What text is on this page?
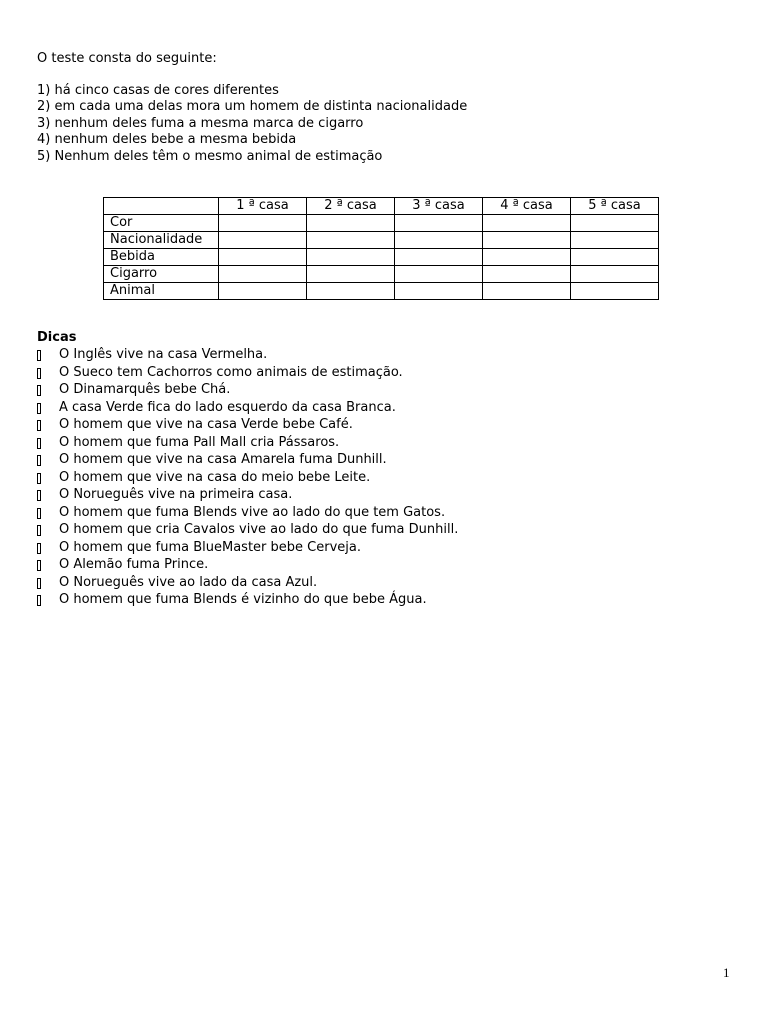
O teste consta do seguinte:

1) há cinco casas de cores diferentes
2) em cada uma delas mora um homem de distinta nacionalidade
3) nenhum deles fuma a mesma marca de cigarro
4) nenhum deles bebe a mesma bebida
5) Nenhum deles têm o mesmo animal de estimação
	1 ª casa	2 ª casa	3 ª casa	4 ª casa	5 ª casa
Cor					
Nacionalidade					
Bebida					
Cigarro					
Animal					

Dicas

O Inglês vive na casa Vermelha.
O Sueco tem Cachorros como animais de estimação.
O Dinamarquês bebe Chá.
A casa Verde fica do lado esquerdo da casa Branca.
O homem que vive na casa Verde bebe Café.
O homem que fuma Pall Mall cria Pássaros.
O homem que vive na casa Amarela fuma Dunhill.
O homem que vive na casa do meio bebe Leite.
O Norueguês vive na primeira casa.
O homem que fuma Blends vive ao lado do que tem Gatos.
O homem que cria Cavalos vive ao lado do que fuma Dunhill.
O homem que fuma BlueMaster bebe Cerveja.
O Alemão fuma Prince.
O Norueguês vive ao lado da casa Azul.
O homem que fuma Blends é vizinho do que bebe Água.
1
